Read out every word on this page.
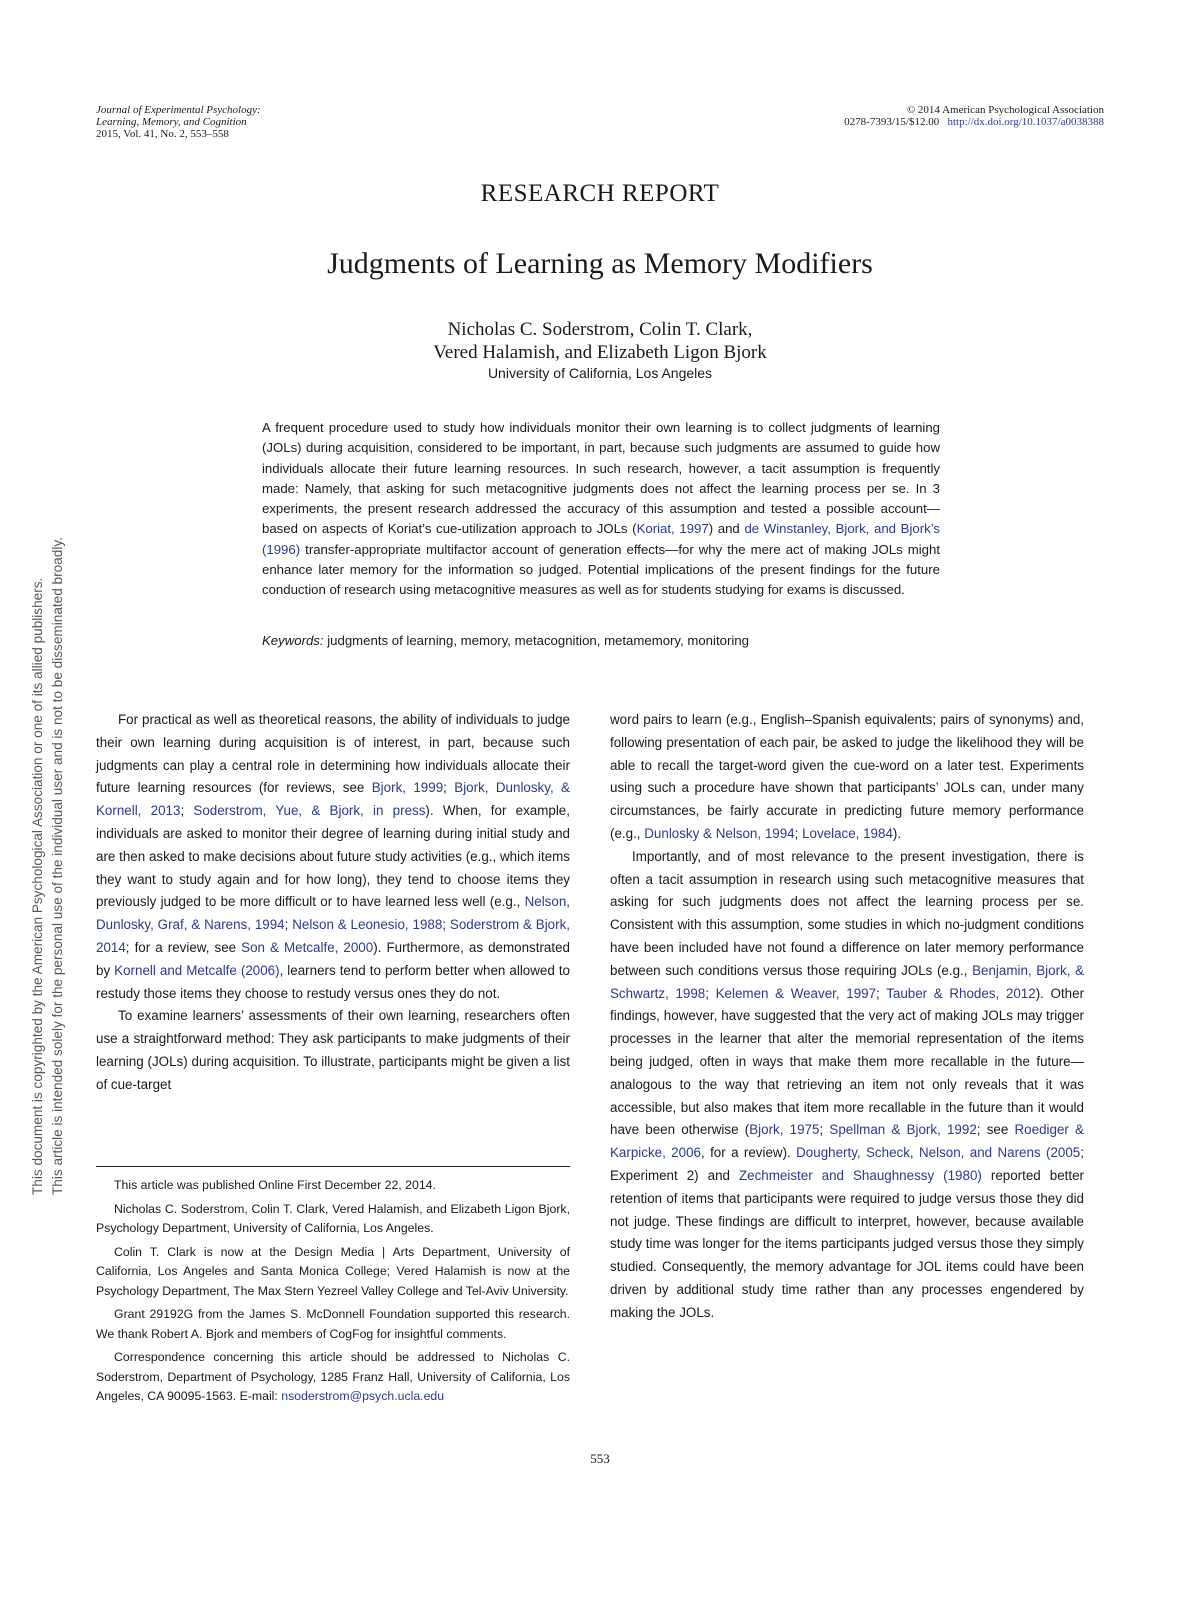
This document is copyrighted by the American Psychological Association or one of its allied publishers. This article is intended solely for the personal use of the individual user and is not to be disseminated broadly.
Journal of Experimental Psychology:
Learning, Memory, and Cognition
2015, Vol. 41, No. 2, 553–558
© 2014 American Psychological Association
0278-7393/15/$12.00 http://dx.doi.org/10.1037/a0038388
RESEARCH REPORT
Judgments of Learning as Memory Modifiers
Nicholas C. Soderstrom, Colin T. Clark,
Vered Halamish, and Elizabeth Ligon Bjork
University of California, Los Angeles
A frequent procedure used to study how individuals monitor their own learning is to collect judgments of learning (JOLs) during acquisition, considered to be important, in part, because such judgments are assumed to guide how individuals allocate their future learning resources. In such research, however, a tacit assumption is frequently made: Namely, that asking for such metacognitive judgments does not affect the learning process per se. In 3 experiments, the present research addressed the accuracy of this assumption and tested a possible account—based on aspects of Koriat’s cue-utilization approach to JOLs (Koriat, 1997) and de Winstanley, Bjork, and Bjork’s (1996) transfer-appropriate multifactor account of generation effects—for why the mere act of making JOLs might enhance later memory for the information so judged. Potential implications of the present findings for the future conduction of research using metacognitive measures as well as for students studying for exams is discussed.
Keywords: judgments of learning, memory, metacognition, metamemory, monitoring

For practical as well as theoretical reasons, the ability of individuals to judge their own learning during acquisition is of interest, in part, because such judgments can play a central role in determining how individuals allocate their future learning resources (for reviews, see Bjork, 1999; Bjork, Dunlosky, & Kornell, 2013; Soderstrom, Yue, & Bjork, in press). When, for example, individuals are asked to monitor their degree of learning during initial study and are then asked to make decisions about future study activities (e.g., which items they want to study again and for how long), they tend to choose items they previously judged to be more difficult or to have learned less well (e.g., Nelson, Dunlosky, Graf, & Narens, 1994; Nelson & Leonesio, 1988; Soderstrom & Bjork, 2014; for a review, see Son & Metcalfe, 2000). Furthermore, as demonstrated by Kornell and Metcalfe (2006), learners tend to perform better when allowed to restudy those items they choose to restudy versus ones they do not.

To examine learners’ assessments of their own learning, researchers often use a straightforward method: They ask participants to make judgments of their learning (JOLs) during acquisition. To illustrate, participants might be given a list of cue-target

word pairs to learn (e.g., English–Spanish equivalents; pairs of synonyms) and, following presentation of each pair, be asked to judge the likelihood they will be able to recall the target-word given the cue-word on a later test. Experiments using such a procedure have shown that participants’ JOLs can, under many circumstances, be fairly accurate in predicting future memory performance (e.g., Dunlosky & Nelson, 1994; Lovelace, 1984).

Importantly, and of most relevance to the present investigation, there is often a tacit assumption in research using such metacognitive measures that asking for such judgments does not affect the learning process per se. Consistent with this assumption, some studies in which no-judgment conditions have been included have not found a difference on later memory performance between such conditions versus those requiring JOLs (e.g., Benjamin, Bjork, & Schwartz, 1998; Kelemen & Weaver, 1997; Tauber & Rhodes, 2012). Other findings, however, have suggested that the very act of making JOLs may trigger processes in the learner that alter the memorial representation of the items being judged, often in ways that make them more recallable in the future—analogous to the way that retrieving an item not only reveals that it was accessible, but also makes that item more recallable in the future than it would have been otherwise (Bjork, 1975; Spellman & Bjork, 1992; see Roediger & Karpicke, 2006, for a review). Dougherty, Scheck, Nelson, and Narens (2005; Experiment 2) and Zechmeister and Shaughnessy (1980) reported better retention of items that participants were required to judge versus those they did not judge. These findings are difficult to interpret, however, because available study time was longer for the items participants judged versus those they simply studied. Consequently, the memory advantage for JOL items could have been driven by additional study time rather than any processes engendered by making the JOLs.

This article was published Online First December 22, 2014.

Nicholas C. Soderstrom, Colin T. Clark, Vered Halamish, and Elizabeth Ligon Bjork, Psychology Department, University of California, Los Angeles.

Colin T. Clark is now at the Design Media | Arts Department, University of California, Los Angeles and Santa Monica College; Vered Halamish is now at the Psychology Department, The Max Stern Yezreel Valley College and Tel-Aviv University.

Grant 29192G from the James S. McDonnell Foundation supported this research. We thank Robert A. Bjork and members of CogFog for insightful comments.

Correspondence concerning this article should be addressed to Nicholas C. Soderstrom, Department of Psychology, 1285 Franz Hall, University of California, Los Angeles, CA 90095-1563. E-mail: nsoderstrom@psych.ucla.edu

553
